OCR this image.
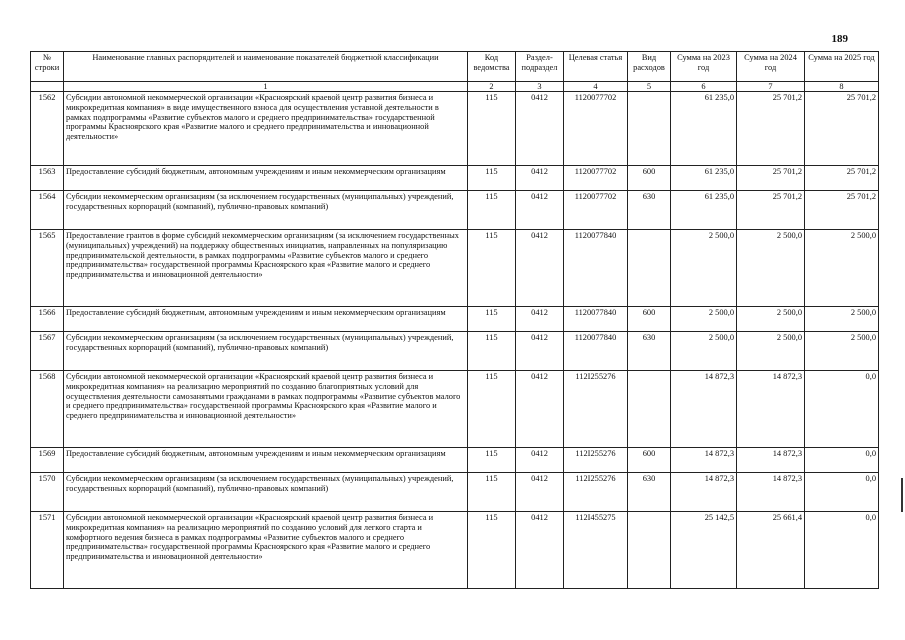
189
№ строки	Наименование главных распорядителей и наименование показателей бюджетной классификации	Код ведомства	Раздел-подраздел	Целевая статья	Вид расходов	Сумма на 2023 год	Сумма на 2024 год	Сумма на 2025 год
	1	2	3	4	5	6	7	8
1562	Субсидии автономной некоммерческой организации «Красноярский краевой центр развития бизнеса и микрокредитная компания» в виде имущественного взноса для осуществления уставной деятельности в рамках подпрограммы «Развитие субъектов малого и среднего предпринимательства» государственной программы Красноярского края «Развитие малого и среднего предпринимательства и инновационной деятельности»	115	0412	1120077702		61 235,0	25 701,2	25 701,2
1563	Предоставление субсидий бюджетным, автономным учреждениям и иным некоммерческим организациям	115	0412	1120077702	600	61 235,0	25 701,2	25 701,2
1564	Субсидии некоммерческим организациям (за исключением государственных (муниципальных) учреждений, государственных корпораций (компаний), публично-правовых компаний)	115	0412	1120077702	630	61 235,0	25 701,2	25 701,2
1565	Предоставление грантов в форме субсидий некоммерческим организациям (за исключением государственных (муниципальных) учреждений) на поддержку общественных инициатив, направленных на популяризацию предпринимательской деятельности, в рамках подпрограммы «Развитие субъектов малого и среднего предпринимательства» государственной программы Красноярского края «Развитие малого и среднего предпринимательства и инновационной деятельности»	115	0412	1120077840		2 500,0	2 500,0	2 500,0
1566	Предоставление субсидий бюджетным, автономным учреждениям и иным некоммерческим организациям	115	0412	1120077840	600	2 500,0	2 500,0	2 500,0
1567	Субсидии некоммерческим организациям (за исключением государственных (муниципальных) учреждений, государственных корпораций (компаний), публично-правовых компаний)	115	0412	1120077840	630	2 500,0	2 500,0	2 500,0
1568	Субсидии автономной некоммерческой организации «Красноярский краевой центр развития бизнеса и микрокредитная компания» на реализацию мероприятий по созданию благоприятных условий для осуществления деятельности самозанятыми гражданами в рамках подпрограммы «Развитие субъектов малого и среднего предпринимательства» государственной программы Красноярского края «Развитие малого и среднего предпринимательства и инновационной деятельности»	115	0412	112I255276		14 872,3	14 872,3	0,0
1569	Предоставление субсидий бюджетным, автономным учреждениям и иным некоммерческим организациям	115	0412	112I255276	600	14 872,3	14 872,3	0,0
1570	Субсидии некоммерческим организациям (за исключением государственных (муниципальных) учреждений, государственных корпораций (компаний), публично-правовых компаний)	115	0412	112I255276	630	14 872,3	14 872,3	0,0
1571	Субсидии автономной некоммерческой организации «Красноярский краевой центр развития бизнеса и микрокредитная компания» на реализацию мероприятий по созданию условий для легкого старта и комфортного ведения бизнеса в рамках подпрограммы «Развитие субъектов малого и среднего предпринимательства» государственной программы Красноярского края «Развитие малого и среднего предпринимательства и инновационной деятельности»	115	0412	112I455275		25 142,5	25 661,4	0,0
